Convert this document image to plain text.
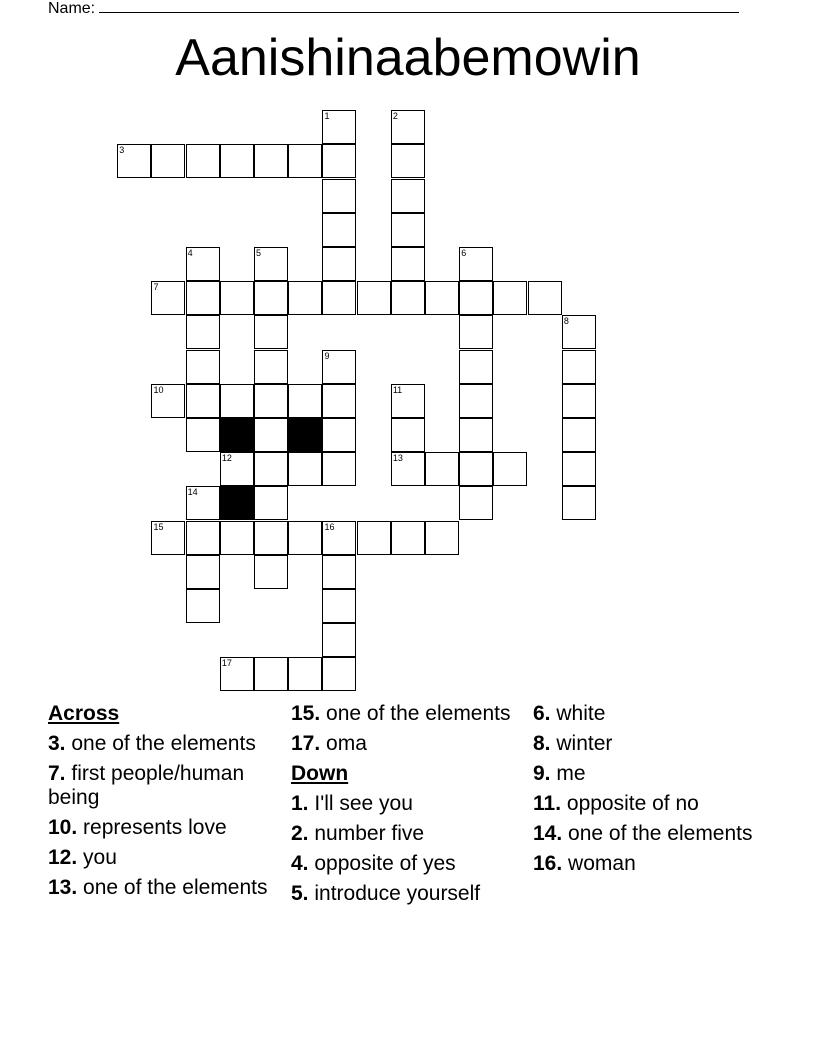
Name:
Aanishinaabemowin
1	2
3
4	5	6
7
8
9
10	11
12	13
14
15	16
17
Across
3. one of the elements
7. first people/human being
10. represents love
12. you
13. one of the elements
15. one of the elements
17. oma
Down
1. I'll see you
2. number five
4. opposite of yes
5. introduce yourself
6. white
8. winter
9. me
11. opposite of no
14. one of the elements
16. woman
